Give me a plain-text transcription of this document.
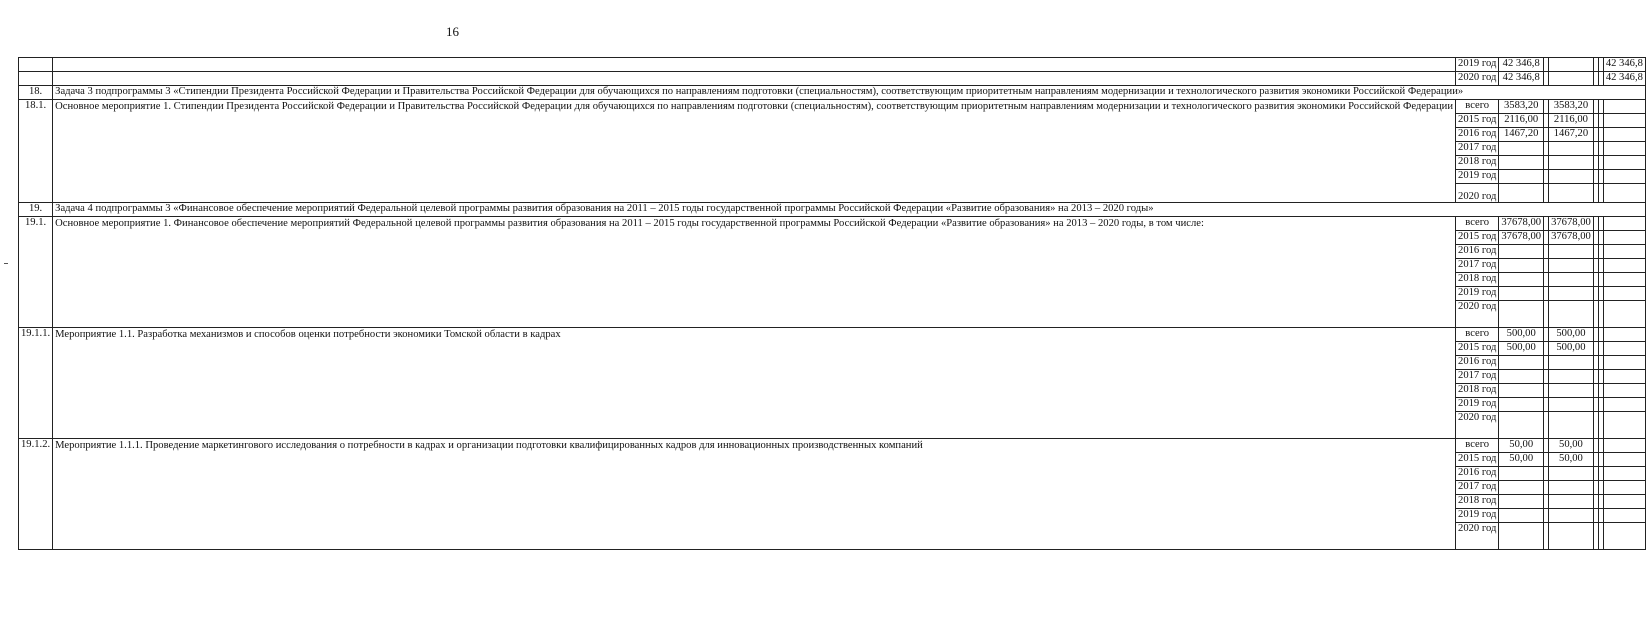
16
		2019 год	42 346,8					42 346,8
		2020 год	42 346,8					42 346,8
18.	Задача 3 подпрограммы 3 «Стипендии Президента Российской Федерации и Правительства Российской Федерации для обучающихся по направлениям подготовки (специальностям), соответствующим приоритетным направлениям модернизации и технологического развития экономики Российской Федерации»							
18.1.	Основное мероприятие 1. Стипендии Президента Российской Федерации и Правительства Российской Федерации для обучающихся по направлениям подготовки (специальностям), соответствующим приоритетным направлениям модернизации и технологического развития экономики Российской Федерации	всего	3583,20		3583,20			
		2015 год	2116,00		2116,00			
		2016 год	1467,20		1467,20			
		2017 год						
		2018 год						
		2019 год						
		2020 год						
19.	Задача 4 подпрограммы 3 «Финансовое обеспечение мероприятий Федеральной целевой программы развития образования на 2011 – 2015 годы государственной программы Российской Федерации «Развитие образования» на 2013 – 2020 годы»							
19.1.	Основное мероприятие 1. Финансовое обеспечение мероприятий Федеральной целевой программы развития образования на 2011 – 2015 годы государственной программы Российской Федерации «Развитие образования» на 2013 – 2020 годы, в том числе:	всего	37678,00		37678,00			
		2015 год	37678,00		37678,00			
		2016 год						
		2017 год						
		2018 год						
		2019 год						
		2020 год						
19.1.1.	Мероприятие 1.1. Разработка механизмов и способов оценки потребности экономики Томской области в кадрах	всего	500,00		500,00			
		2015 год	500,00		500,00			
		2016 год						
		2017 год						
		2018 год						
		2019 год						
		2020 год						
19.1.2.	Мероприятие 1.1.1. Проведение маркетингового исследования о потребности в кадрах и организации подготовки квалифицированных кадров для инновационных производственных компаний	всего	50,00		50,00			
		2015 год	50,00		50,00			
		2016 год						
		2017 год						
		2018 год						
		2019 год						
		2020 год						
